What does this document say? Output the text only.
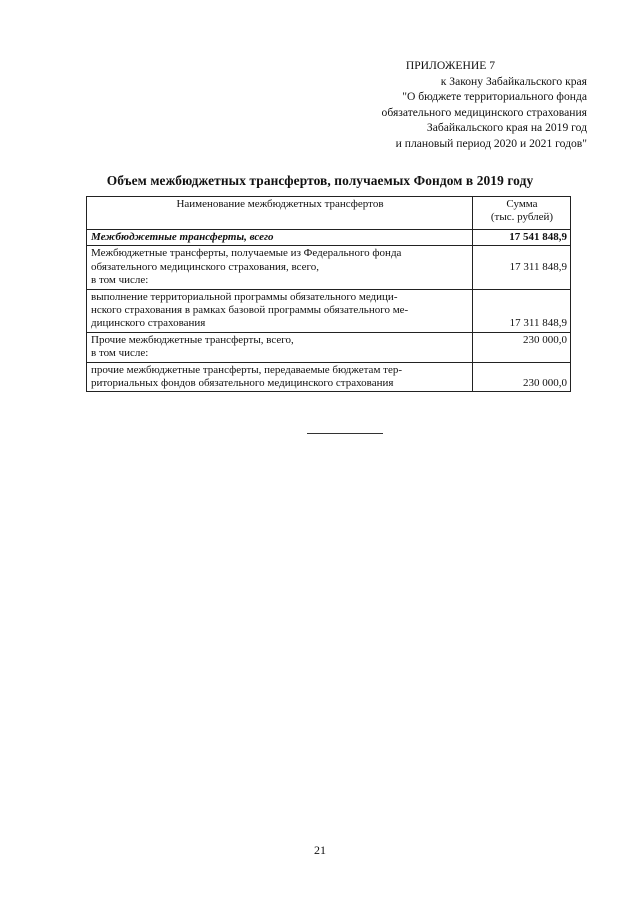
ПРИЛОЖЕНИЕ 7
к Закону Забайкальского края
"О бюджете территориального фонда
обязательного медицинского страхования
Забайкальского края на 2019 год
и плановый период 2020 и 2021 годов"
Объем межбюджетных трансфертов, получаемых Фондом в 2019 году
Наименование межбюджетных трансфертов	Сумма
(тыс. рублей)

Межбюджетные трансферты, всего	17 541 848,9

Межбюджетные трансферты, получаемые из Федерального фонда
обязательного медицинского страхования, всего,
в том числе:	17 311 848,9

выполнение территориальной программы обязательного медици-
нского страхования в рамках базовой программы обязательного ме-
дицинского страхования	17 311 848,9

Прочие межбюджетные трансферты, всего,
в том числе:	230 000,0

прочие межбюджетные трансферты, передаваемые бюджетам тер-
риториальных фондов обязательного медицинского страхования	230 000,0
21
